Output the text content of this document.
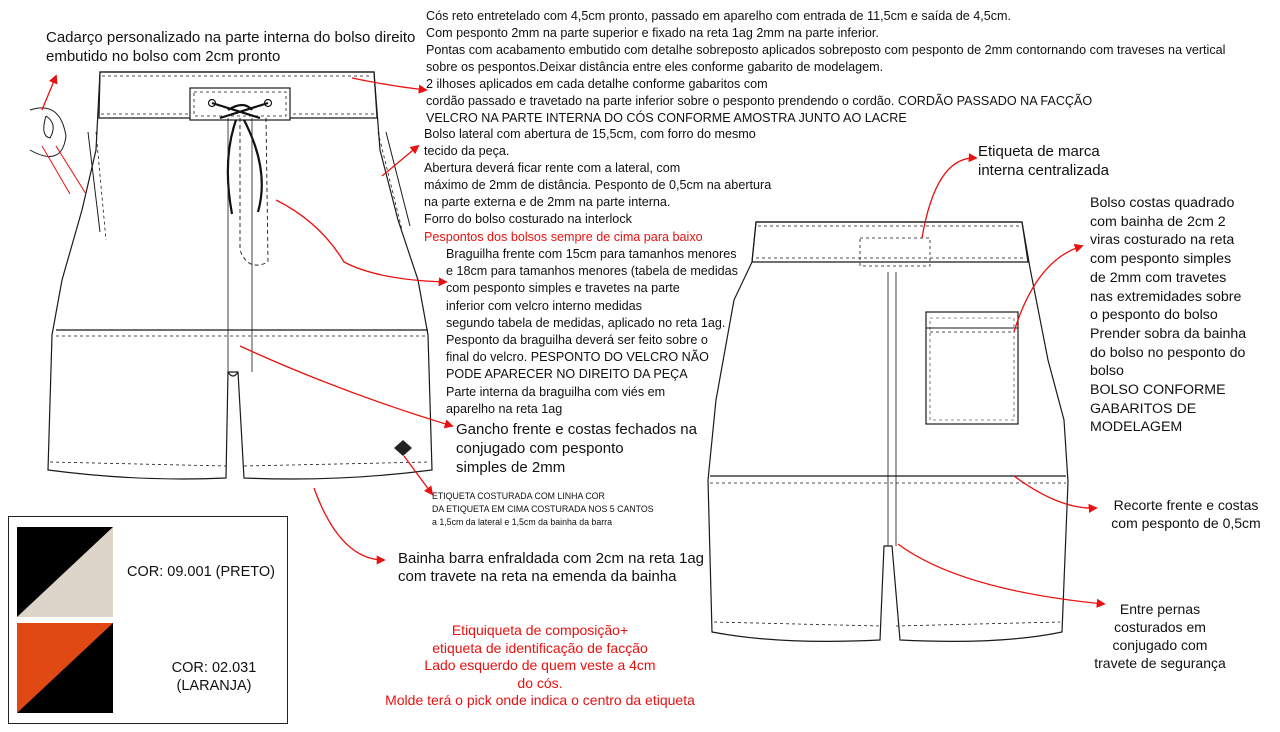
Cadarço personalizado na parte interna do bolso direito
embutido no bolso com 2cm pronto
Cós reto entretelado com 4,5cm pronto, passado em aparelho com entrada de 11,5cm e saída de 4,5cm.
Com pesponto 2mm na parte superior e fixado na reta 1ag 2mm na parte inferior.
Pontas com acabamento embutido com detalhe sobreposto aplicados sobreposto com pesponto de 2mm contornando com traveses na vertical
sobre os pespontos.Deixar distância entre eles conforme gabarito de modelagem.
2 ilhoses aplicados em cada detalhe conforme gabaritos com
cordão passado e travetado na parte inferior sobre o pesponto prendendo o cordão. CORDÃO PASSADO NA FACÇÃO
VELCRO NA PARTE INTERNA DO CÓS CONFORME AMOSTRA JUNTO AO LACRE
Bolso lateral com abertura de 15,5cm, com forro do mesmo
tecido da peça.
Abertura deverá ficar rente com a lateral, com
máximo de 2mm de distância. Pesponto de 0,5cm na abertura
na parte externa e de 2mm na parte interna.
Forro do bolso costurado na interlock
Pespontos dos bolsos sempre de cima para baixo
Braguilha frente com 15cm para tamanhos menores
e 18cm para tamanhos menores (tabela de medidas
com pesponto simples e travetes na parte
inferior com velcro interno medidas
segundo tabela de medidas, aplicado no reta 1ag.
Pesponto da braguilha deverá ser feito sobre o
final do velcro. PESPONTO DO VELCRO NÃO
PODE APARECER NO DIREITO DA PEÇA
Parte interna da braguilha com viés em
aparelho na reta 1ag
Gancho frente e costas fechados na
conjugado com pesponto
simples de 2mm
ETIQUETA COSTURADA COM LINHA COR
DA ETIQUETA EM CIMA COSTURADA NOS 5 CANTOS
a 1,5cm da lateral e 1,5cm da bainha da barra
Bainha barra enfraldada com 2cm na reta 1ag
com travete na reta na emenda da bainha
Etiquiqueta de composição+
etiqueta de identificação de facção
Lado esquerdo de quem veste a 4cm
do cós.
Molde terá o pick onde indica o centro da etiqueta
Etiqueta de marca
interna centralizada
Bolso costas quadrado
com bainha de 2cm 2
viras costurado na reta
com pesponto simples
de 2mm com travetes
nas extremidades sobre
o pesponto do bolso
Prender sobra da bainha
do bolso no pesponto do
bolso
BOLSO CONFORME
GABARITOS DE
MODELAGEM
Recorte frente e costas
com pesponto de 0,5cm
Entre pernas
costurados em
conjugado com
travete de segurança
COR: 09.001 (PRETO)
COR: 02.031
(LARANJA)
